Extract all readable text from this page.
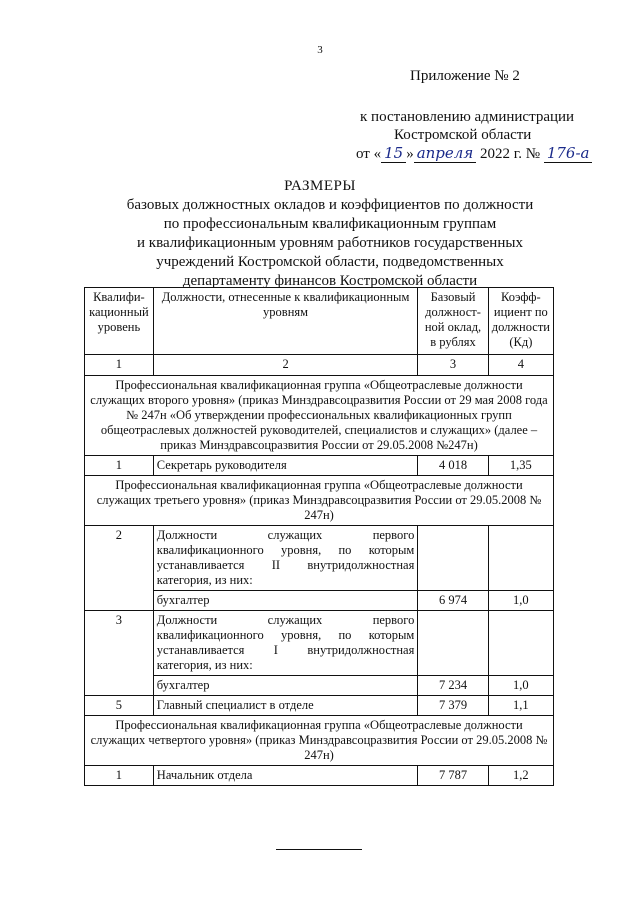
3
Приложение № 2
к постановлению администрации
Костромской области
от « 15 » апреля 2022 г. № 176-а
РАЗМЕРЫ
базовых должностных окладов и коэффициентов по должности
по профессиональным квалификационным группам
и квалификационным уровням работников государственных
учреждений Костромской области, подведомственных
департаменту финансов Костромской области
Квалифи-кационный уровень	Должности, отнесенные к квалификационным уровням	Базовый должност-ной оклад, в рублях	Коэфф-ициент по должности (Кд)
1	2	3	4
Профессиональная квалификационная группа «Общеотраслевые должности служащих второго уровня» (приказ Минздравсоцразвития России от 29 мая 2008 года № 247н «Об утверждении профессиональных квалификационных групп общеотраслевых должностей руководителей, специалистов и служащих» (далее – приказ Минздравсоцразвития России от 29.05.2008 №247н)			
1	Секретарь руководителя	4 018	1,35
Профессиональная квалификационная группа «Общеотраслевые должности служащих третьего уровня» (приказ Минздравсоцразвития России от 29.05.2008 № 247н)			
2	Должности служащих первого квалификационного уровня, по которым устанавливается II внутридолжностная категория, из них:		
	бухгалтер	6 974	1,0
3	Должности служащих первого квалификационного уровня, по которым устанавливается I внутридолжностная категория, из них:		
	бухгалтер	7 234	1,0
5	Главный специалист в отделе	7 379	1,1
Профессиональная квалификационная группа «Общеотраслевые должности служащих четвертого уровня» (приказ Минздравсоцразвития России от 29.05.2008 № 247н)			
1	Начальник отдела	7 787	1,2
